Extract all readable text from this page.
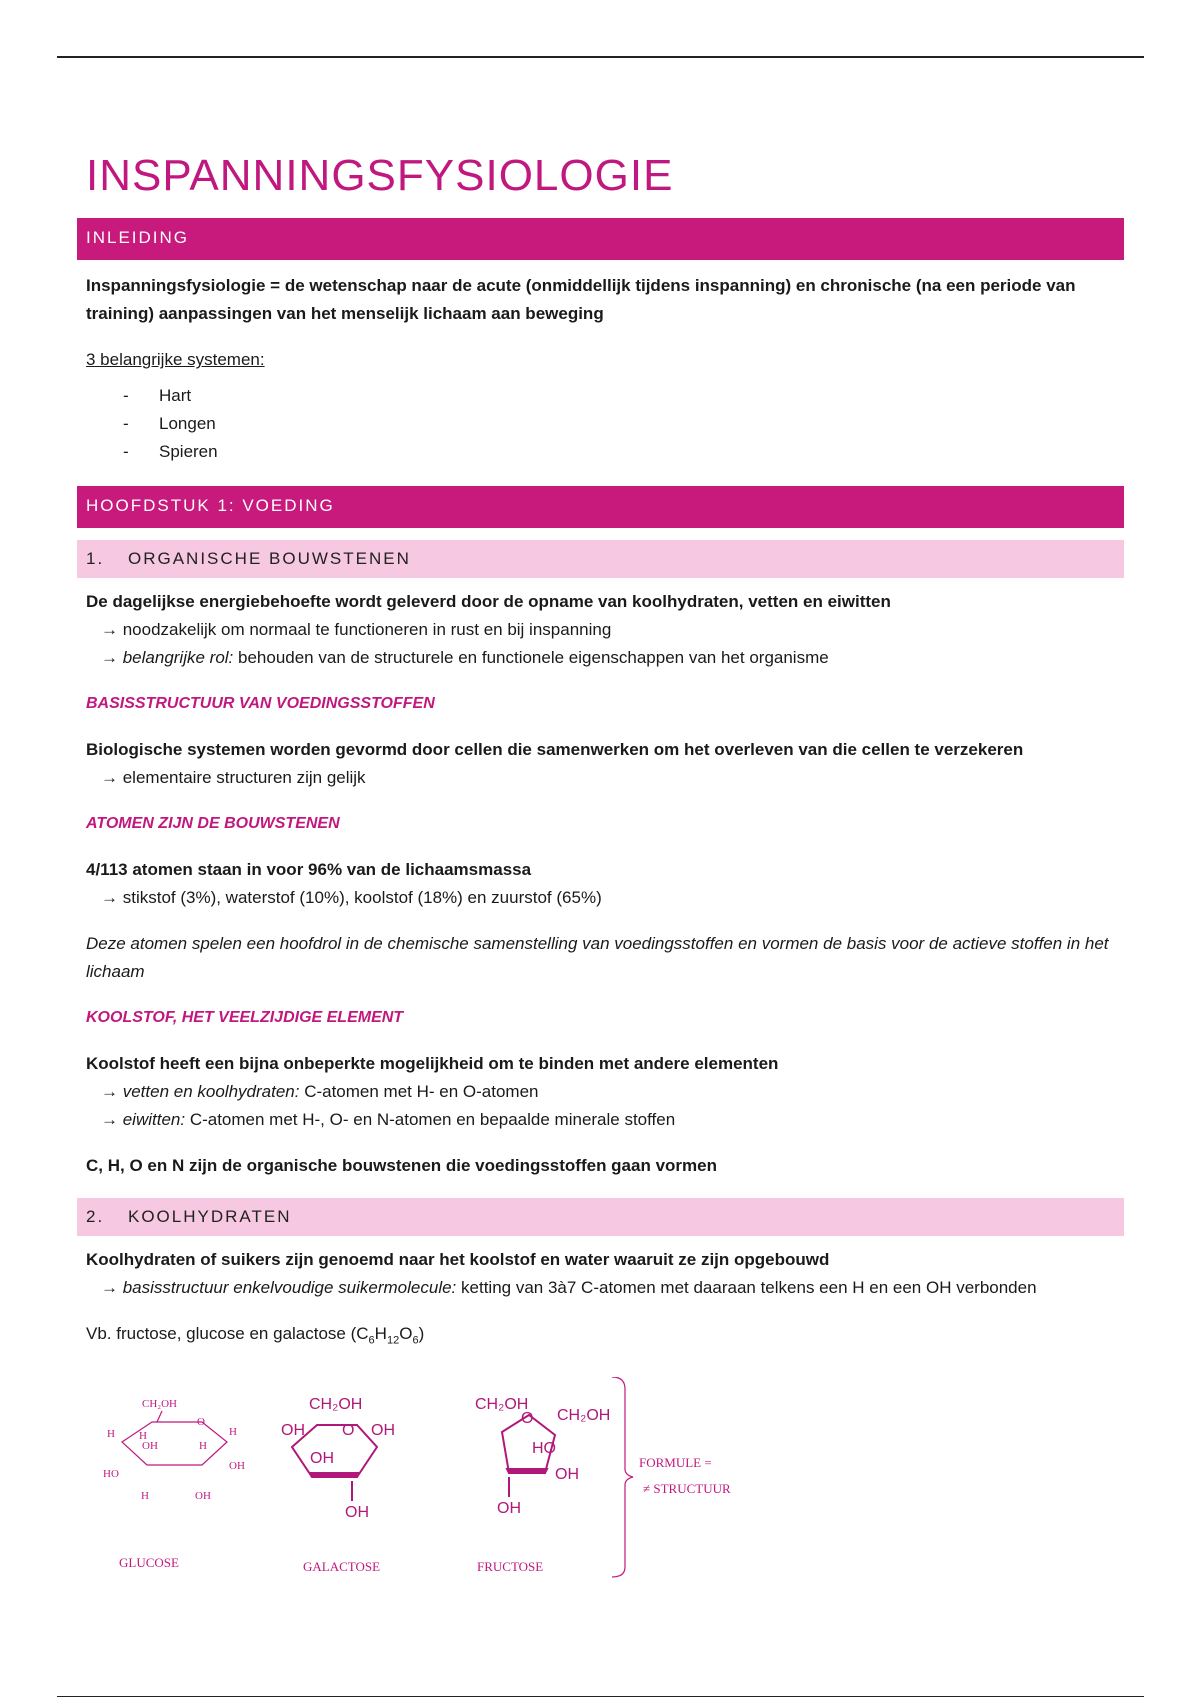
INSPANNINGSFYSIOLOGIE
INLEIDING
Inspanningsfysiologie = de wetenschap naar de acute (onmiddellijk tijdens inspanning) en chronische (na een periode van training) aanpassingen van het menselijk lichaam aan beweging
3 belangrijke systemen:
- Hart
- Longen
- Spieren
HOOFDSTUK 1: VOEDING
1. ORGANISCHE BOUWSTENEN
De dagelijkse energiebehoefte wordt geleverd door de opname van koolhydraten, vetten en eiwitten
→ noodzakelijk om normaal te functioneren in rust en bij inspanning
→ belangrijke rol: behouden van de structurele en functionele eigenschappen van het organisme
BASISSTRUCTUUR VAN VOEDINGSSTOFFEN
Biologische systemen worden gevormd door cellen die samenwerken om het overleven van die cellen te verzekeren
→ elementaire structuren zijn gelijk
ATOMEN ZIJN DE BOUWSTENEN
4/113 atomen staan in voor 96% van de lichaamsmassa
→ stikstof (3%), waterstof (10%), koolstof (18%) en zuurstof (65%)
Deze atomen spelen een hoofdrol in de chemische samenstelling van voedingsstoffen en vormen de basis voor de actieve stoffen in het lichaam
KOOLSTOF, HET VEELZIJDIGE ELEMENT
Koolstof heeft een bijna onbeperkte mogelijkheid om te binden met andere elementen
→ vetten en koolhydraten: C-atomen met H- en O-atomen
→ eiwitten: C-atomen met H-, O- en N-atomen en bepaalde minerale stoffen
C, H, O en N zijn de organische bouwstenen die voedingsstoffen gaan vormen
2. KOOLHYDRATEN
Koolhydraten of suikers zijn genoemd naar het koolstof en water waaruit ze zijn opgebouwd
→ basisstructuur enkelvoudige suikermolecule: ketting van 3à7 C-atomen met daaraan telkens een H en een OH verbonden
Vb. fructose, glucose en galactose $(C_6H_{12}O_6)$
CH₂OH
O
H
OH
H
H
H
OH
HO
H	OH
CH₂OH
O
OH	OH
OH
OH
CH₂OH
O CH₂OH
HO
OH
OH
GLUCOSE	GALACTOSE	FRUCTOSE
FORMULE =
≠ STRUCTUUR
